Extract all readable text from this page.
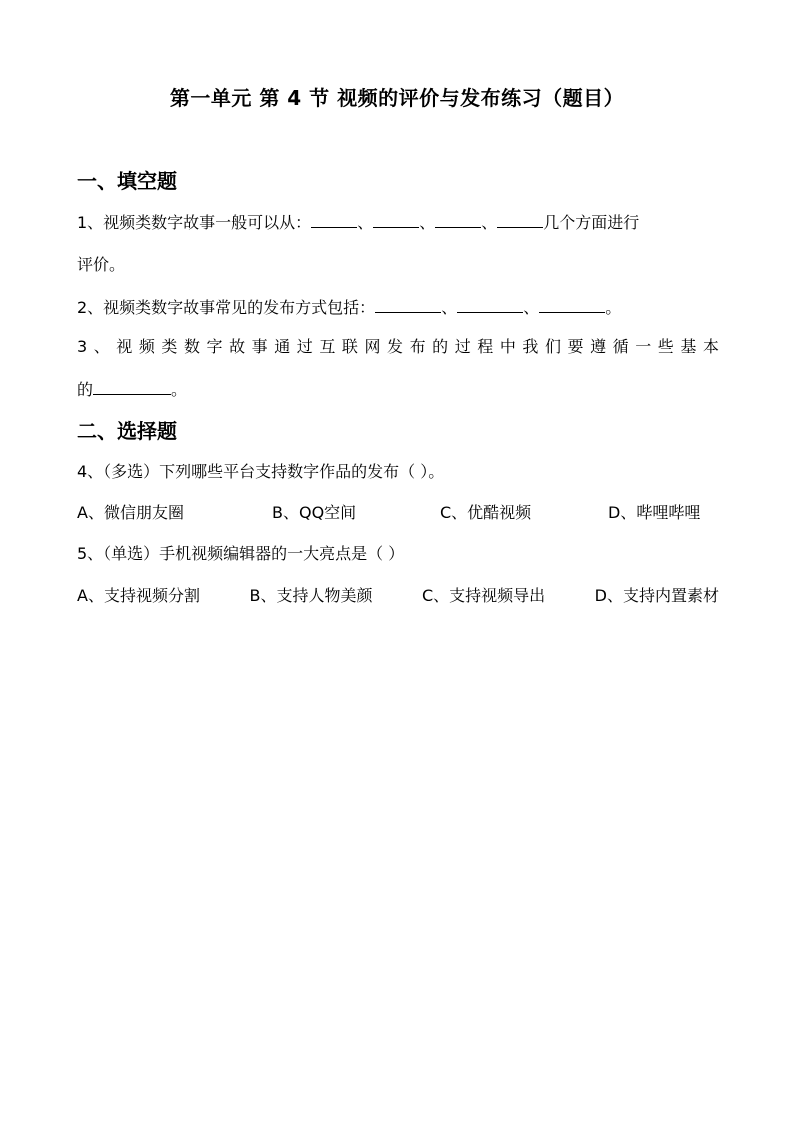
第一单元 第 4 节 视频的评价与发布练习（题目）
一、填空题
1、视频类数字故事一般可以从：	、	、	、	几个方面进行
评价。
2、视频类数字故事常见的发布方式包括：	、	、	。
3 、 视 频 类 数 字 故 事 通 过 互 联 网 发 布 的 过 程 中 我 们 要 遵 循 一 些 基 本
的	。
二、选择题
4、（多选）下列哪些平台支持数字作品的发布（ ）。
A、微信朋友圈	B、QQ空间	C、优酷视频	D、哔哩哔哩
5、（单选）手机视频编辑器的一大亮点是（ ）
A、支持视频分割	B、支持人物美颜	C、支持视频导出	D、支持内置素材
